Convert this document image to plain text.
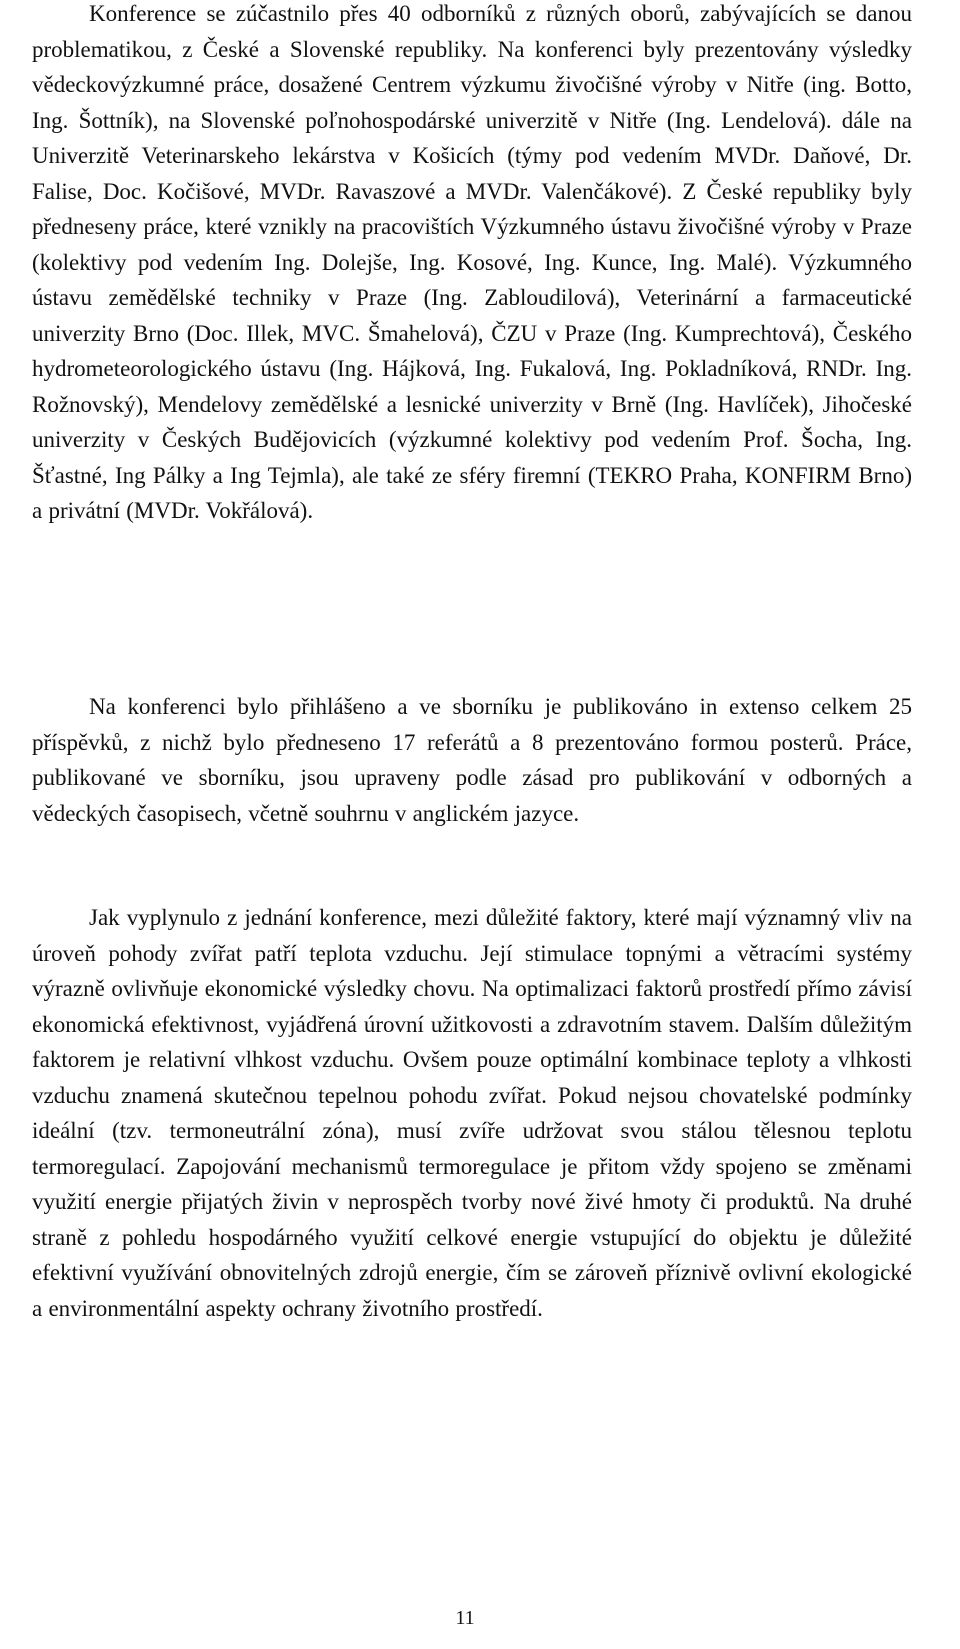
Konference se zúčastnilo přes 40 odborníků z různých oborů, zabývajících se danou problematikou, z České a Slovenské republiky. Na konferenci byly prezentovány výsledky vědeckovýzkumné práce, dosažené Centrem výzkumu živočišné výroby v Nitře (ing. Botto, Ing. Šottník), na Slovenské poľnohospodárské univerzitě v Nitře (Ing. Lendelová). dále na Univerzitě Veterinarskeho lekárstva v Košicích (týmy pod vedením MVDr. Daňové, Dr. Falise, Doc. Kočišové, MVDr. Ravaszové a MVDr. Valenčákové). Z České republiky byly předneseny práce, které vznikly na pracovištích Výzkumného ústavu živočišné výroby v Praze (kolektivy pod vedením Ing. Dolejše, Ing. Kosové, Ing. Kunce, Ing. Malé). Výzkumného ústavu zemědělské techniky v Praze (Ing. Zabloudilová), Veterinární a farmaceutické univerzity Brno (Doc. Illek, MVC. Šmahelová), ČZU v Praze (Ing. Kumprechtová), Českého hydrometeorologického ústavu (Ing. Hájková, Ing. Fukalová, Ing. Pokladníková, RNDr. Ing. Rožnovský), Mendelovy zemědělské a lesnické univerzity v Brně (Ing. Havlíček), Jihočeské univerzity v Českých Budějovicích (výzkumné kolektivy pod vedením Prof. Šocha, Ing. Šťastné, Ing Pálky a Ing Tejmla), ale také ze sféry firemní (TEKRO Praha, KONFIRM Brno) a privátní (MVDr. Vokřálová).

Na konferenci bylo přihlášeno a ve sborníku je publikováno in extenso celkem 25 příspěvků, z nichž bylo předneseno 17 referátů a 8 prezentováno formou posterů. Práce, publikované ve sborníku, jsou upraveny podle zásad pro publikování v odborných a vědeckých časopisech, včetně souhrnu v anglickém jazyce.

Jak vyplynulo z jednání konference, mezi důležité faktory, které mají významný vliv na úroveň pohody zvířat patří teplota vzduchu. Její stimulace topnými a větracími systémy výrazně ovlivňuje ekonomické výsledky chovu. Na optimalizaci faktorů prostředí přímo závisí ekonomická efektivnost, vyjádřená úrovní užitkovosti a zdravotním stavem. Dalším důležitým faktorem je relativní vlhkost vzduchu. Ovšem pouze optimální kombinace teploty a vlhkosti vzduchu znamená skutečnou tepelnou pohodu zvířat. Pokud nejsou chovatelské podmínky ideální (tzv. termoneutrální zóna), musí zvíře udržovat svou stálou tělesnou teplotu termoregulací. Zapojování mechanismů termoregulace je přitom vždy spojeno se změnami využití energie přijatých živin v neprospěch tvorby nové živé hmoty či produktů. Na druhé straně z pohledu hospodárného využití celkové energie vstupující do objektu je důležité efektivní využívání obnovitelných zdrojů energie, čím se zároveň příznivě ovlivní ekologické a environmentální aspekty ochrany životního prostředí.

11
